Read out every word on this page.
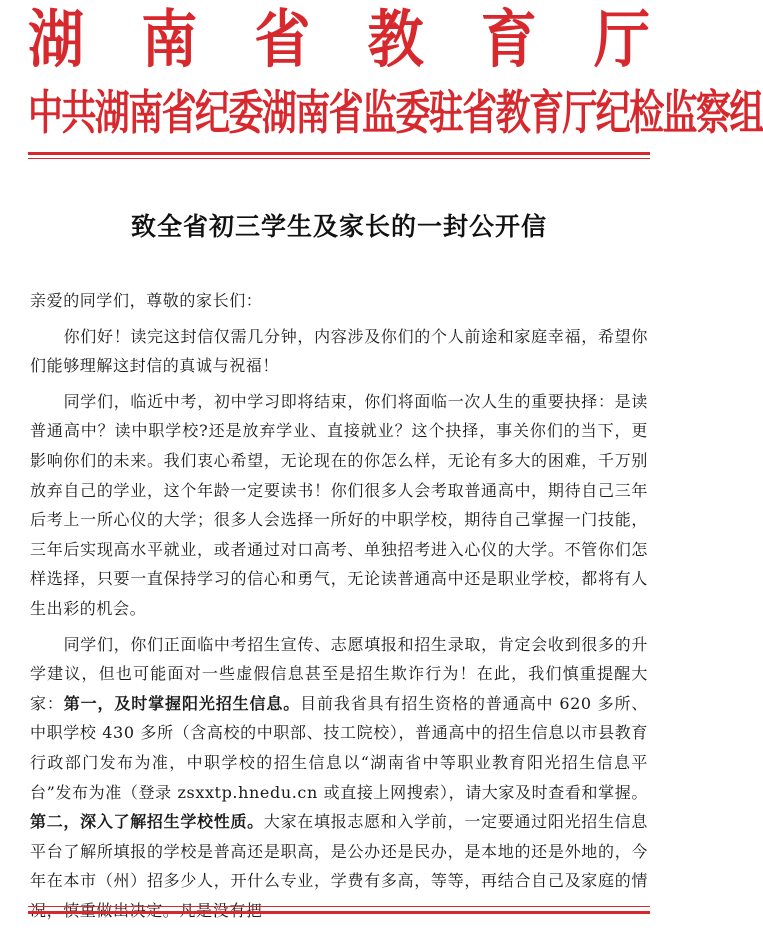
湖 南 省 教 育 厅
中共湖南省纪委湖南省监委驻省教育厅纪检监察组
致全省初三学生及家长的一封公开信

亲爱的同学们，尊敬的家长们：

你们好！读完这封信仅需几分钟，内容涉及你们的个人前途和家庭幸福，希望你们能够理解这封信的真诚与祝福！

同学们，临近中考，初中学习即将结束，你们将面临一次人生的重要抉择：是读普通高中？读中职学校?还是放弃学业、直接就业？这个抉择，事关你们的当下，更影响你们的未来。我们衷心希望，无论现在的你怎么样，无论有多大的困难，千万别放弃自己的学业，这个年龄一定要读书！你们很多人会考取普通高中，期待自己三年后考上一所心仪的大学；很多人会选择一所好的中职学校，期待自己掌握一门技能，三年后实现高水平就业，或者通过对口高考、单独招考进入心仪的大学。不管你们怎样选择，只要一直保持学习的信心和勇气，无论读普通高中还是职业学校，都将有人生出彩的机会。

同学们，你们正面临中考招生宣传、志愿填报和招生录取，肯定会收到很多的升学建议，但也可能面对一些虚假信息甚至是招生欺诈行为！在此，我们慎重提醒大家：第一，及时掌握阳光招生信息。目前我省具有招生资格的普通高中 620 多所、中职学校 430 多所（含高校的中职部、技工院校），普通高中的招生信息以市县教育行政部门发布为准，中职学校的招生信息以“湖南省中等职业教育阳光招生信息平台”发布为准（登录 zsxxtp.hnedu.cn 或直接上网搜索），请大家及时查看和掌握。第二，深入了解招生学校性质。大家在填报志愿和入学前，一定要通过阳光招生信息平台了解所填报的学校是普高还是职高，是公办还是民办，是本地的还是外地的，今年在本市（州）招多少人，开什么专业，学费有多高，等等，再结合自己及家庭的情
